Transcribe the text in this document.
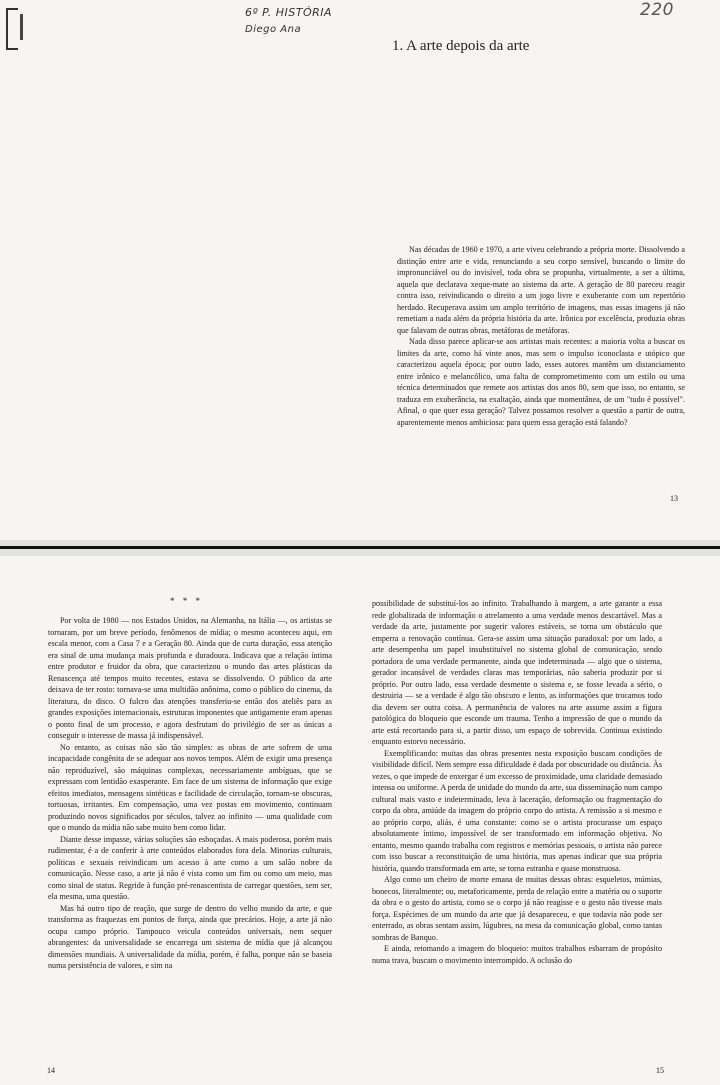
6º P. HISTÓRIA
Diego Ana
220
1. A arte depois da arte

Nas décadas de 1960 e 1970, a arte viveu celebrando a própria morte. Dissolvendo a distinção entre arte e vida, renunciando a seu corpo sensível, buscando o limite do impronunciável ou do invisível, toda obra se propunha, virtualmente, a ser a última, aquela que declarava xeque-mate ao sistema da arte. A geração de 80 pareceu reagir contra isso, reivindicando o direito a um jogo livre e exuberante com um repertório herdado. Recuperava assim um amplo território de imagens, mas essas imagens já não remetiam a nada além da própria história da arte. Irônica por excelência, produzia obras que falavam de outras obras, metáforas de metáforas.

Nada disso parece aplicar-se aos artistas mais recentes: a maioria volta a buscar os limites da arte, como há vinte anos, mas sem o impulso iconoclasta e utópico que caracterizou aquela época; por outro lado, esses autores mantêm um distanciamento entre irônico e melancólico, uma falta de comprometimento com um estilo ou uma técnica determinados que remete aos artistas dos anos 80, sem que isso, no entanto, se traduza em exuberância, na exaltação, ainda que momentânea, de um "tudo é possível". Afinal, o que quer essa geração? Talvez possamos resolver a questão a partir de outra, aparentemente menos ambiciosa: para quem essa geração está falando?

13
* * *

Por volta de 1980 — nos Estados Unidos, na Alemanha, na Itália —, os artistas se tornaram, por um breve período, fenômenos de mídia; o mesmo aconteceu aqui, em escala menor, com a Casa 7 e a Geração 80. Ainda que de curta duração, essa atenção era sinal de uma mudança mais profunda e duradoura. Indicava que a relação íntima entre produtor e fruidor da obra, que caracterizou o mundo das artes plásticas da Renascença até tempos muito recentes, estava se dissolvendo. O público da arte deixava de ter rosto: tornava-se uma multidão anônima, como o público do cinema, da literatura, do disco. O fulcro das atenções transferiu-se então dos ateliês para as grandes exposições internacionais, estruturas imponentes que antigamente eram apenas o ponto final de um processo, e agora desfrutam do privilégio de ser as únicas a conseguir o interesse de massa já indispensável.

No entanto, as coisas não são tão simples: as obras de arte sofrem de uma incapacidade congênita de se adequar aos novos tempos. Além de exigir uma presença não reproduzível, são máquinas complexas, necessariamente ambíguas, que se expressam com lentidão exasperante. Em face de um sistema de informação que exige efeitos imediatos, mensagens sintéticas e facilidade de circulação, tornam-se obscuras, tortuosas, irritantes. Em compensação, uma vez postas em movimento, continuam produzindo novos significados por séculos, talvez ao infinito — uma qualidade com que o mundo da mídia não sabe muito bem como lidar.

Diante desse impasse, várias soluções são esboçadas. A mais poderosa, porém mais rudimentar, é a de conferir à arte conteúdos elaborados fora dela. Minorias culturais, políticas e sexuais reivindicam um acesso à arte como a um salão nobre da comunicação. Nesse caso, a arte já não é vista como um fim ou como um meio, mas como sinal de status. Regride à função pré-renascentista de carregar questões, sem ser, ela mesma, uma questão.

Mas há outro tipo de reação, que surge de dentro do velho mundo da arte, e que transforma as fraquezas em pontos de força, ainda que precários. Hoje, a arte já não ocupa campo próprio. Tampouco veicula conteúdos universais, nem sequer abrangentes: da universalidade se encarrega um sistema de mídia que já alcançou dimensões mundiais. A universalidade da mídia, porém, é falha, porque não se baseia numa persistência de valores, e sim na

possibilidade de substituí-los ao infinito. Trabalhando à margem, a arte garante a essa rede globalizada de informação o atrelamento a uma verdade menos descartável. Mas a verdade da arte, justamente por sugerir valores estáveis, se torna um obstáculo que emperra a renovação contínua. Gera-se assim uma situação paradoxal: por um lado, a arte desempenha um papel insubstituível no sistema global de comunicação, sendo portadora de uma verdade permanente, ainda que indeterminada — algo que o sistema, gerador incansável de verdades claras mas temporárias, não saberia produzir por si próprio. Por outro lado, essa verdade desmente o sistema e, se fosse levada a sério, o destruiria — se a verdade é algo tão obscuro e lento, as informações que trocamos todo dia devem ser outra coisa. A permanência de valores na arte assume assim a figura patológica do bloqueio que esconde um trauma. Tenho a impressão de que o mundo da arte está recortando para si, a partir disso, um espaço de sobrevida. Continua existindo enquanto estorvo necessário.

Exemplificando: muitas das obras presentes nesta exposição buscam condições de visibilidade difícil. Nem sempre essa dificuldade é dada por obscuridade ou distância. Às vezes, o que impede de enxergar é um excesso de proximidade, uma claridade demasiado intensa ou uniforme. A perda de unidade do mundo da arte, sua disseminação num campo cultural mais vasto e indeterminado, leva à laceração, deformação ou fragmentação do corpo da obra, amiúde da imagem do próprio corpo do artista. A remissão a si mesmo e ao próprio corpo, aliás, é uma constante: como se o artista procurasse um espaço absolutamente íntimo, impossível de ser transformado em informação objetiva. No entanto, mesmo quando trabalha com registros e memórias pessoais, o artista não parece com isso buscar a reconstituição de uma história, mas apenas indicar que sua própria história, quando transformada em arte, se torna estranha e quase monstruosa.

Algo como um cheiro de morte emana de muitas dessas obras: esqueletos, múmias, bonecos, literalmente; ou, metaforicamente, perda de relação entre a matéria ou o suporte da obra e o gesto do artista, como se o corpo já não reagisse e o gesto não tivesse mais força. Espécimes de um mundo da arte que já desapareceu, e que todavia não pode ser enterrado, as obras sentam assim, lúgubres, na mesa da comunicação global, como tantas sombras de Banquo.

E ainda, retomando a imagem do bloqueio: muitos trabalhos esbarram de propósito numa trava, buscam o movimento interrompido. A oclusão do

14	15
